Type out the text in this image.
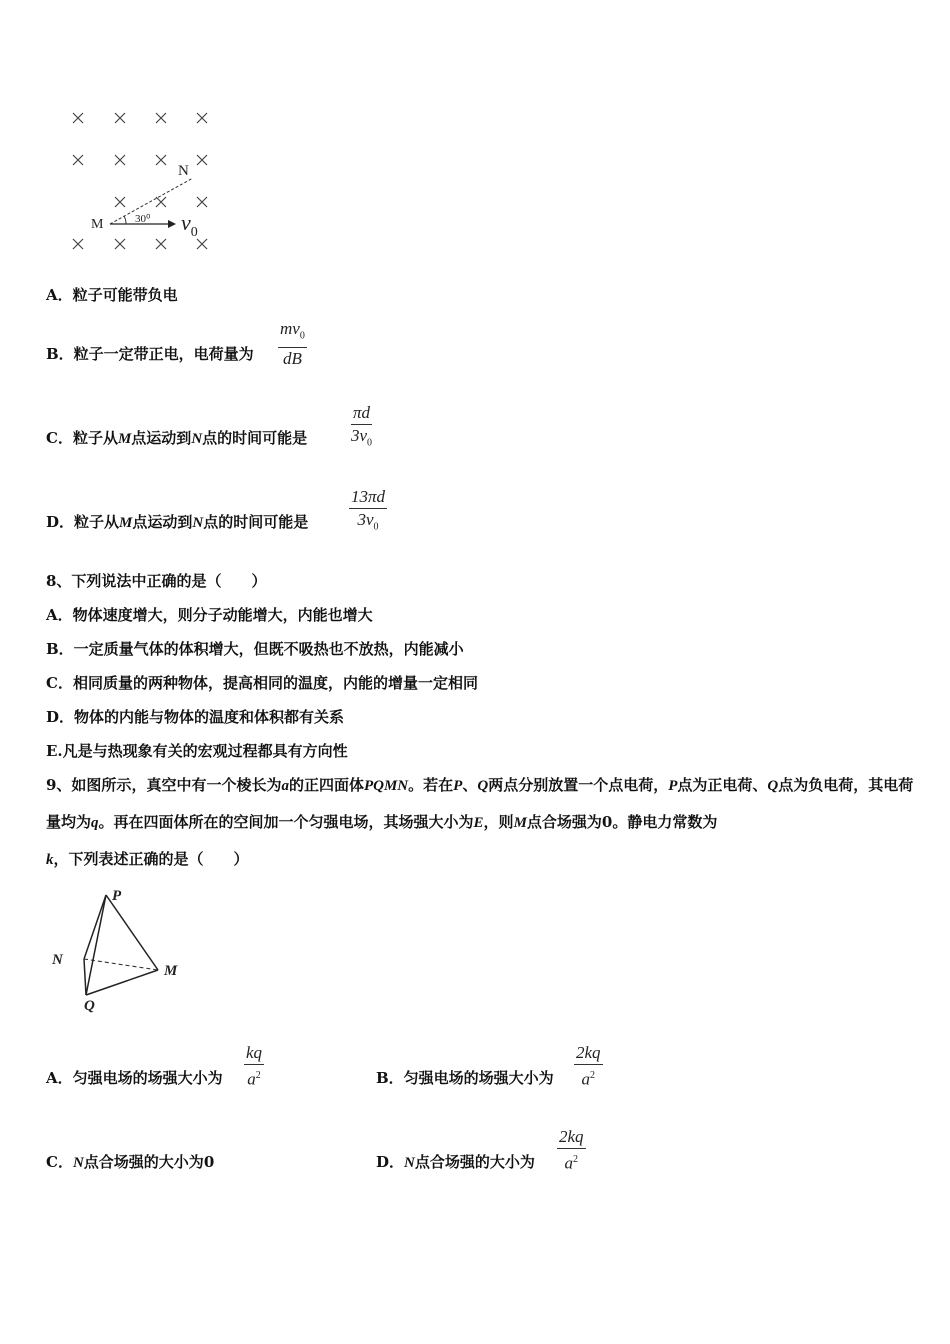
N
M	30⁰ $v_0$
A．粒子可能带负电
B．粒子一定带正电，电荷量为
$mv_0$
dB
C．粒子从M点运动到N点的时间可能是
πd
$3v_0$
D．粒子从M点运动到N点的时间可能是
13πd
$3v_0$
8、下列说法中正确的是（　　）
A．物体速度增大，则分子动能增大，内能也增大
B．一定质量气体的体积增大，但既不吸热也不放热，内能减小
C．相同质量的两种物体，提高相同的温度，内能的增量一定相同
D．物体的内能与物体的温度和体积都有关系
E.凡是与热现象有关的宏观过程都具有方向性
9、如图所示，真空中有一个棱长为a的正四面体PQMN。若在P、Q两点分别放置一个点电荷，P点为正电荷、Q点为负电荷，其电荷量均为q。再在四面体所在的空间加一个匀强电场，其场强大小为E，则M点合场强为0。静电力常数为k，下列表述正确的是（　　）
P
N
M
Q
A．匀强电场的场强大小为
kq
$a^2$	B．匀强电场的场强大小为
2kq
$a^2$
C．N点合场强的大小为0	D．N点合场强的大小为
2kq
$a^2$
